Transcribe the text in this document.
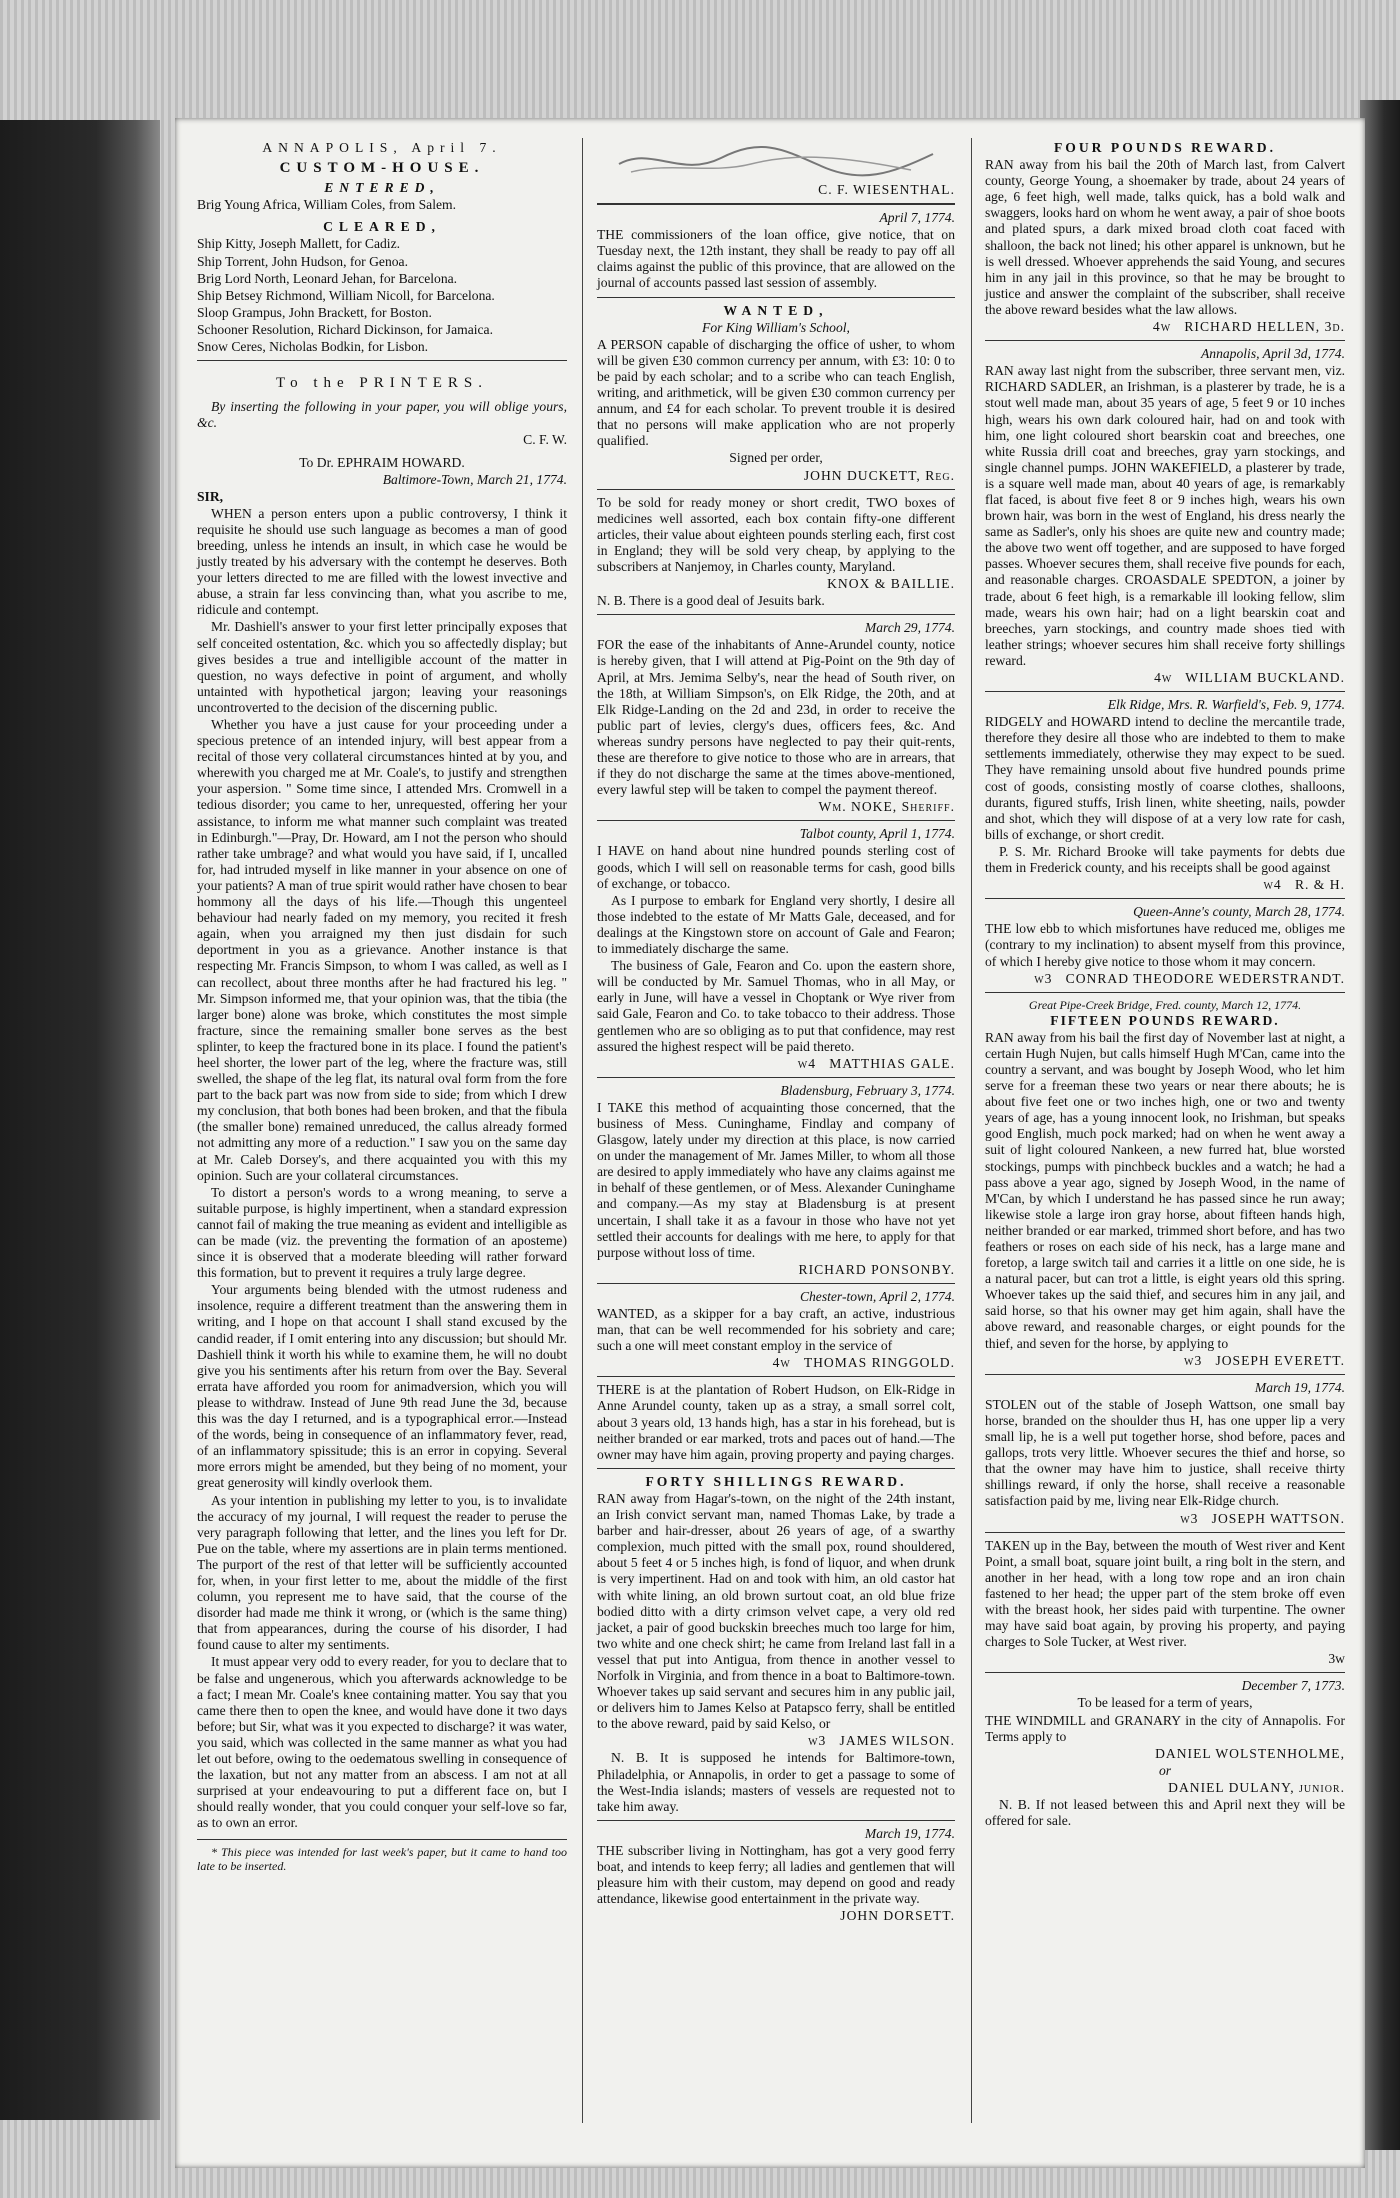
ANNAPOLIS, April 7.

CUSTOM-HOUSE.

ENTERED,

Brig Young Africa, William Coles, from Salem.

CLEARED,

Ship Kitty, Joseph Mallett, for Cadiz.

Ship Torrent, John Hudson, for Genoa.

Brig Lord North, Leonard Jehan, for Barcelona.

Ship Betsey Richmond, William Nicoll, for Barcelona.

Sloop Grampus, John Brackett, for Boston.

Schooner Resolution, Richard Dickinson, for Jamaica.

Snow Ceres, Nicholas Bodkin, for Lisbon.

To the PRINTERS.

By inserting the following in your paper, you will oblige yours, &c.

C. F. W.

To Dr. EPHRAIM HOWARD.

Baltimore-Town, March 21, 1774.

SIR,

WHEN a person enters upon a public controversy, I think it requisite he should use such language as becomes a man of good breeding, unless he intends an insult, in which case he would be justly treated by his adversary with the contempt he deserves. Both your letters directed to me are filled with the lowest invective and abuse, a strain far less convincing than, what you ascribe to me, ridicule and contempt.

Mr. Dashiell's answer to your first letter principally exposes that self conceited ostentation, &c. which you so affectedly display; but gives besides a true and intelligible account of the matter in question, no ways defective in point of argument, and wholly untainted with hypothetical jargon; leaving your reasonings uncontroverted to the decision of the discerning public.

Whether you have a just cause for your proceeding under a specious pretence of an intended injury, will best appear from a recital of those very collateral circumstances hinted at by you, and wherewith you charged me at Mr. Coale's, to justify and strengthen your aspersion. " Some time since, I attended Mrs. Cromwell in a tedious disorder; you came to her, unrequested, offering her your assistance, to inform me what manner such complaint was treated in Edinburgh."—Pray, Dr. Howard, am I not the person who should rather take umbrage? and what would you have said, if I, uncalled for, had intruded myself in like manner in your absence on one of your patients? A man of true spirit would rather have chosen to bear hommony all the days of his life.—Though this ungenteel behaviour had nearly faded on my memory, you recited it fresh again, when you arraigned my then just disdain for such deportment in you as a grievance. Another instance is that respecting Mr. Francis Simpson, to whom I was called, as well as I can recollect, about three months after he had fractured his leg. " Mr. Simpson informed me, that your opinion was, that the tibia (the larger bone) alone was broke, which constitutes the most simple fracture, since the remaining smaller bone serves as the best splinter, to keep the fractured bone in its place. I found the patient's heel shorter, the lower part of the leg, where the fracture was, still swelled, the shape of the leg flat, its natural oval form from the fore part to the back part was now from side to side; from which I drew my conclusion, that both bones had been broken, and that the fibula (the smaller bone) remained unreduced, the callus already formed not admitting any more of a reduction." I saw you on the same day at Mr. Caleb Dorsey's, and there acquainted you with this my opinion. Such are your collateral circumstances.

To distort a person's words to a wrong meaning, to serve a suitable purpose, is highly impertinent, when a standard expression cannot fail of making the true meaning as evident and intelligible as can be made (viz. the preventing the formation of an aposteme) since it is observed that a moderate bleeding will rather forward this formation, but to prevent it requires a truly large degree.

Your arguments being blended with the utmost rudeness and insolence, require a different treatment than the answering them in writing, and I hope on that account I shall stand excused by the candid reader, if I omit entering into any discussion; but should Mr. Dashiell think it worth his while to examine them, he will no doubt give you his sentiments after his return from over the Bay. Several errata have afforded you room for animadversion, which you will please to withdraw. Instead of June 9th read June the 3d, because this was the day I returned, and is a typographical error.—Instead of the words, being in consequence of an inflammatory fever, read, of an inflammatory spissitude; this is an error in copying. Several more errors might be amended, but they being of no moment, your great generosity will kindly overlook them.

As your intention in publishing my letter to you, is to invalidate the accuracy of my journal, I will request the reader to peruse the very paragraph following that letter, and the lines you left for Dr. Pue on the table, where my assertions are in plain terms mentioned. The purport of the rest of that letter will be sufficiently accounted for, when, in your first letter to me, about the middle of the first column, you represent me to have said, that the course of the disorder had made me think it wrong, or (which is the same thing) that from appearances, during the course of his disorder, I had found cause to alter my sentiments.

It must appear very odd to every reader, for you to declare that to be false and ungenerous, which you afterwards acknowledge to be a fact; I mean Mr. Coale's knee containing matter. You say that you came there then to open the knee, and would have done it two days before; but Sir, what was it you expected to discharge? it was water, you said, which was collected in the same manner as what you had let out before, owing to the oedematous swelling in consequence of the laxation, but not any matter from an abscess. I am not at all surprised at your endeavouring to put a different face on, but I should really wonder, that you could conquer your self-love so far, as to own an error.

* This piece was intended for last week's paper, but it came to hand too late to be inserted.

C. F. WIESENTHAL.

April 7, 1774.

THE commissioners of the loan office, give notice, that on Tuesday next, the 12th instant, they shall be ready to pay off all claims against the public of this province, that are allowed on the journal of accounts passed last session of assembly.

WANTED,

For King William's School,

A PERSON capable of discharging the office of usher, to whom will be given £30 common currency per annum, with £3: 10: 0 to be paid by each scholar; and to a scribe who can teach English, writing, and arithmetick, will be given £30 common currency per annum, and £4 for each scholar. To prevent trouble it is desired that no persons will make application who are not properly qualified.

Signed per order,

JOHN DUCKETT, Reg.

To be sold for ready money or short credit, TWO boxes of medicines well assorted, each box contain fifty-one different articles, their value about eighteen pounds sterling each, first cost in England; they will be sold very cheap, by applying to the subscribers at Nanjemoy, in Charles county, Maryland.

KNOX & BAILLIE.

N. B. There is a good deal of Jesuits bark.

March 29, 1774.

FOR the ease of the inhabitants of Anne-Arundel county, notice is hereby given, that I will attend at Pig-Point on the 9th day of April, at Mrs. Jemima Selby's, near the head of South river, on the 18th, at William Simpson's, on Elk Ridge, the 20th, and at Elk Ridge-Landing on the 2d and 23d, in order to receive the public part of levies, clergy's dues, officers fees, &c. And whereas sundry persons have neglected to pay their quit-rents, these are therefore to give notice to those who are in arrears, that if they do not discharge the same at the times above-mentioned, every lawful step will be taken to compel the payment thereof.

Wm. NOKE, Sheriff.

Talbot county, April 1, 1774.

I HAVE on hand about nine hundred pounds sterling cost of goods, which I will sell on reasonable terms for cash, good bills of exchange, or tobacco.

As I purpose to embark for England very shortly, I desire all those indebted to the estate of Mr Matts Gale, deceased, and for dealings at the Kingstown store on account of Gale and Fearon; to immediately discharge the same.

The business of Gale, Fearon and Co. upon the eastern shore, will be conducted by Mr. Samuel Thomas, who in all May, or early in June, will have a vessel in Choptank or Wye river from said Gale, Fearon and Co. to take tobacco to their address. Those gentlemen who are so obliging as to put that confidence, may rest assured the highest respect will be paid thereto.

w4 MATTHIAS GALE.

Bladensburg, February 3, 1774.

I TAKE this method of acquainting those concerned, that the business of Mess. Cuninghame, Findlay and company of Glasgow, lately under my direction at this place, is now carried on under the management of Mr. James Miller, to whom all those are desired to apply immediately who have any claims against me in behalf of these gentlemen, or of Mess. Alexander Cuninghame and company.—As my stay at Bladensburg is at present uncertain, I shall take it as a favour in those who have not yet settled their accounts for dealings with me here, to apply for that purpose without loss of time.

RICHARD PONSONBY.

Chester-town, April 2, 1774.

WANTED, as a skipper for a bay craft, an active, industrious man, that can be well recommended for his sobriety and care; such a one will meet constant employ in the service of

4w THOMAS RINGGOLD.

THERE is at the plantation of Robert Hudson, on Elk-Ridge in Anne Arundel county, taken up as a stray, a small sorrel colt, about 3 years old, 13 hands high, has a star in his forehead, but is neither branded or ear marked, trots and paces out of hand.—The owner may have him again, proving property and paying charges.

FORTY SHILLINGS REWARD.

RAN away from Hagar's-town, on the night of the 24th instant, an Irish convict servant man, named Thomas Lake, by trade a barber and hair-dresser, about 26 years of age, of a swarthy complexion, much pitted with the small pox, round shouldered, about 5 feet 4 or 5 inches high, is fond of liquor, and when drunk is very impertinent. Had on and took with him, an old castor hat with white lining, an old brown surtout coat, an old blue frize bodied ditto with a dirty crimson velvet cape, a very old red jacket, a pair of good buckskin breeches much too large for him, two white and one check shirt; he came from Ireland last fall in a vessel that put into Antigua, from thence in another vessel to Norfolk in Virginia, and from thence in a boat to Baltimore-town. Whoever takes up said servant and secures him in any public jail, or delivers him to James Kelso at Patapsco ferry, shall be entitled to the above reward, paid by said Kelso, or

w3 JAMES WILSON.

N. B. It is supposed he intends for Baltimore-town, Philadelphia, or Annapolis, in order to get a passage to some of the West-India islands; masters of vessels are requested not to take him away.

March 19, 1774.

THE subscriber living in Nottingham, has got a very good ferry boat, and intends to keep ferry; all ladies and gentlemen that will pleasure him with their custom, may depend on good and ready attendance, likewise good entertainment in the private way.

JOHN DORSETT.

FOUR POUNDS REWARD.

RAN away from his bail the 20th of March last, from Calvert county, George Young, a shoemaker by trade, about 24 years of age, 6 feet high, well made, talks quick, has a bold walk and swaggers, looks hard on whom he went away, a pair of shoe boots and plated spurs, a dark mixed broad cloth coat faced with shalloon, the back not lined; his other apparel is unknown, but he is well dressed. Whoever apprehends the said Young, and secures him in any jail in this province, so that he may be brought to justice and answer the complaint of the subscriber, shall receive the above reward besides what the law allows.

4w RICHARD HELLEN, 3d.

Annapolis, April 3d, 1774.

RAN away last night from the subscriber, three servant men, viz. RICHARD SADLER, an Irishman, is a plasterer by trade, he is a stout well made man, about 35 years of age, 5 feet 9 or 10 inches high, wears his own dark coloured hair, had on and took with him, one light coloured short bearskin coat and breeches, one white Russia drill coat and breeches, gray yarn stockings, and single channel pumps. JOHN WAKEFIELD, a plasterer by trade, is a square well made man, about 40 years of age, is remarkably flat faced, is about five feet 8 or 9 inches high, wears his own brown hair, was born in the west of England, his dress nearly the same as Sadler's, only his shoes are quite new and country made; the above two went off together, and are supposed to have forged passes. Whoever secures them, shall receive five pounds for each, and reasonable charges. CROASDALE SPEDTON, a joiner by trade, about 6 feet high, is a remarkable ill looking fellow, slim made, wears his own hair; had on a light bearskin coat and breeches, yarn stockings, and country made shoes tied with leather strings; whoever secures him shall receive forty shillings reward.

4w WILLIAM BUCKLAND.

Elk Ridge, Mrs. R. Warfield's, Feb. 9, 1774.

RIDGELY and HOWARD intend to decline the mercantile trade, therefore they desire all those who are indebted to them to make settlements immediately, otherwise they may expect to be sued. They have remaining unsold about five hundred pounds prime cost of goods, consisting mostly of coarse clothes, shalloons, durants, figured stuffs, Irish linen, white sheeting, nails, powder and shot, which they will dispose of at a very low rate for cash, bills of exchange, or short credit.

P. S. Mr. Richard Brooke will take payments for debts due them in Frederick county, and his receipts shall be good against

w4 R. & H.

Queen-Anne's county, March 28, 1774.

THE low ebb to which misfortunes have reduced me, obliges me (contrary to my inclination) to absent myself from this province, of which I hereby give notice to those whom it may concern.

w3 CONRAD THEODORE WEDERSTRANDT.

Great Pipe-Creek Bridge, Fred. county, March 12, 1774.

FIFTEEN POUNDS REWARD.

RAN away from his bail the first day of November last at night, a certain Hugh Nujen, but calls himself Hugh M'Can, came into the country a servant, and was bought by Joseph Wood, who let him serve for a freeman these two years or near there abouts; he is about five feet one or two inches high, one or two and twenty years of age, has a young innocent look, no Irishman, but speaks good English, much pock marked; had on when he went away a suit of light coloured Nankeen, a new furred hat, blue worsted stockings, pumps with pinchbeck buckles and a watch; he had a pass above a year ago, signed by Joseph Wood, in the name of M'Can, by which I understand he has passed since he run away; likewise stole a large iron gray horse, about fifteen hands high, neither branded or ear marked, trimmed short before, and has two feathers or roses on each side of his neck, has a large mane and foretop, a large switch tail and carries it a little on one side, he is a natural pacer, but can trot a little, is eight years old this spring. Whoever takes up the said thief, and secures him in any jail, and said horse, so that his owner may get him again, shall have the above reward, and reasonable charges, or eight pounds for the thief, and seven for the horse, by applying to

w3 JOSEPH EVERETT.

March 19, 1774.

STOLEN out of the stable of Joseph Wattson, one small bay horse, branded on the shoulder thus H, has one upper lip a very small lip, he is a well put together horse, shod before, paces and gallops, trots very little. Whoever secures the thief and horse, so that the owner may have him to justice, shall receive thirty shillings reward, if only the horse, shall receive a reasonable satisfaction paid by me, living near Elk-Ridge church.

w3 JOSEPH WATTSON.

TAKEN up in the Bay, between the mouth of West river and Kent Point, a small boat, square joint built, a ring bolt in the stern, and another in her head, with a long tow rope and an iron chain fastened to her head; the upper part of the stem broke off even with the breast hook, her sides paid with turpentine. The owner may have said boat again, by proving his property, and paying charges to Sole Tucker, at West river.

3w

December 7, 1773.

To be leased for a term of years,

THE WINDMILL and GRANARY in the city of Annapolis. For Terms apply to

DANIEL WOLSTENHOLME,

or

DANIEL DULANY, junior.

N. B. If not leased between this and April next they will be offered for sale.
